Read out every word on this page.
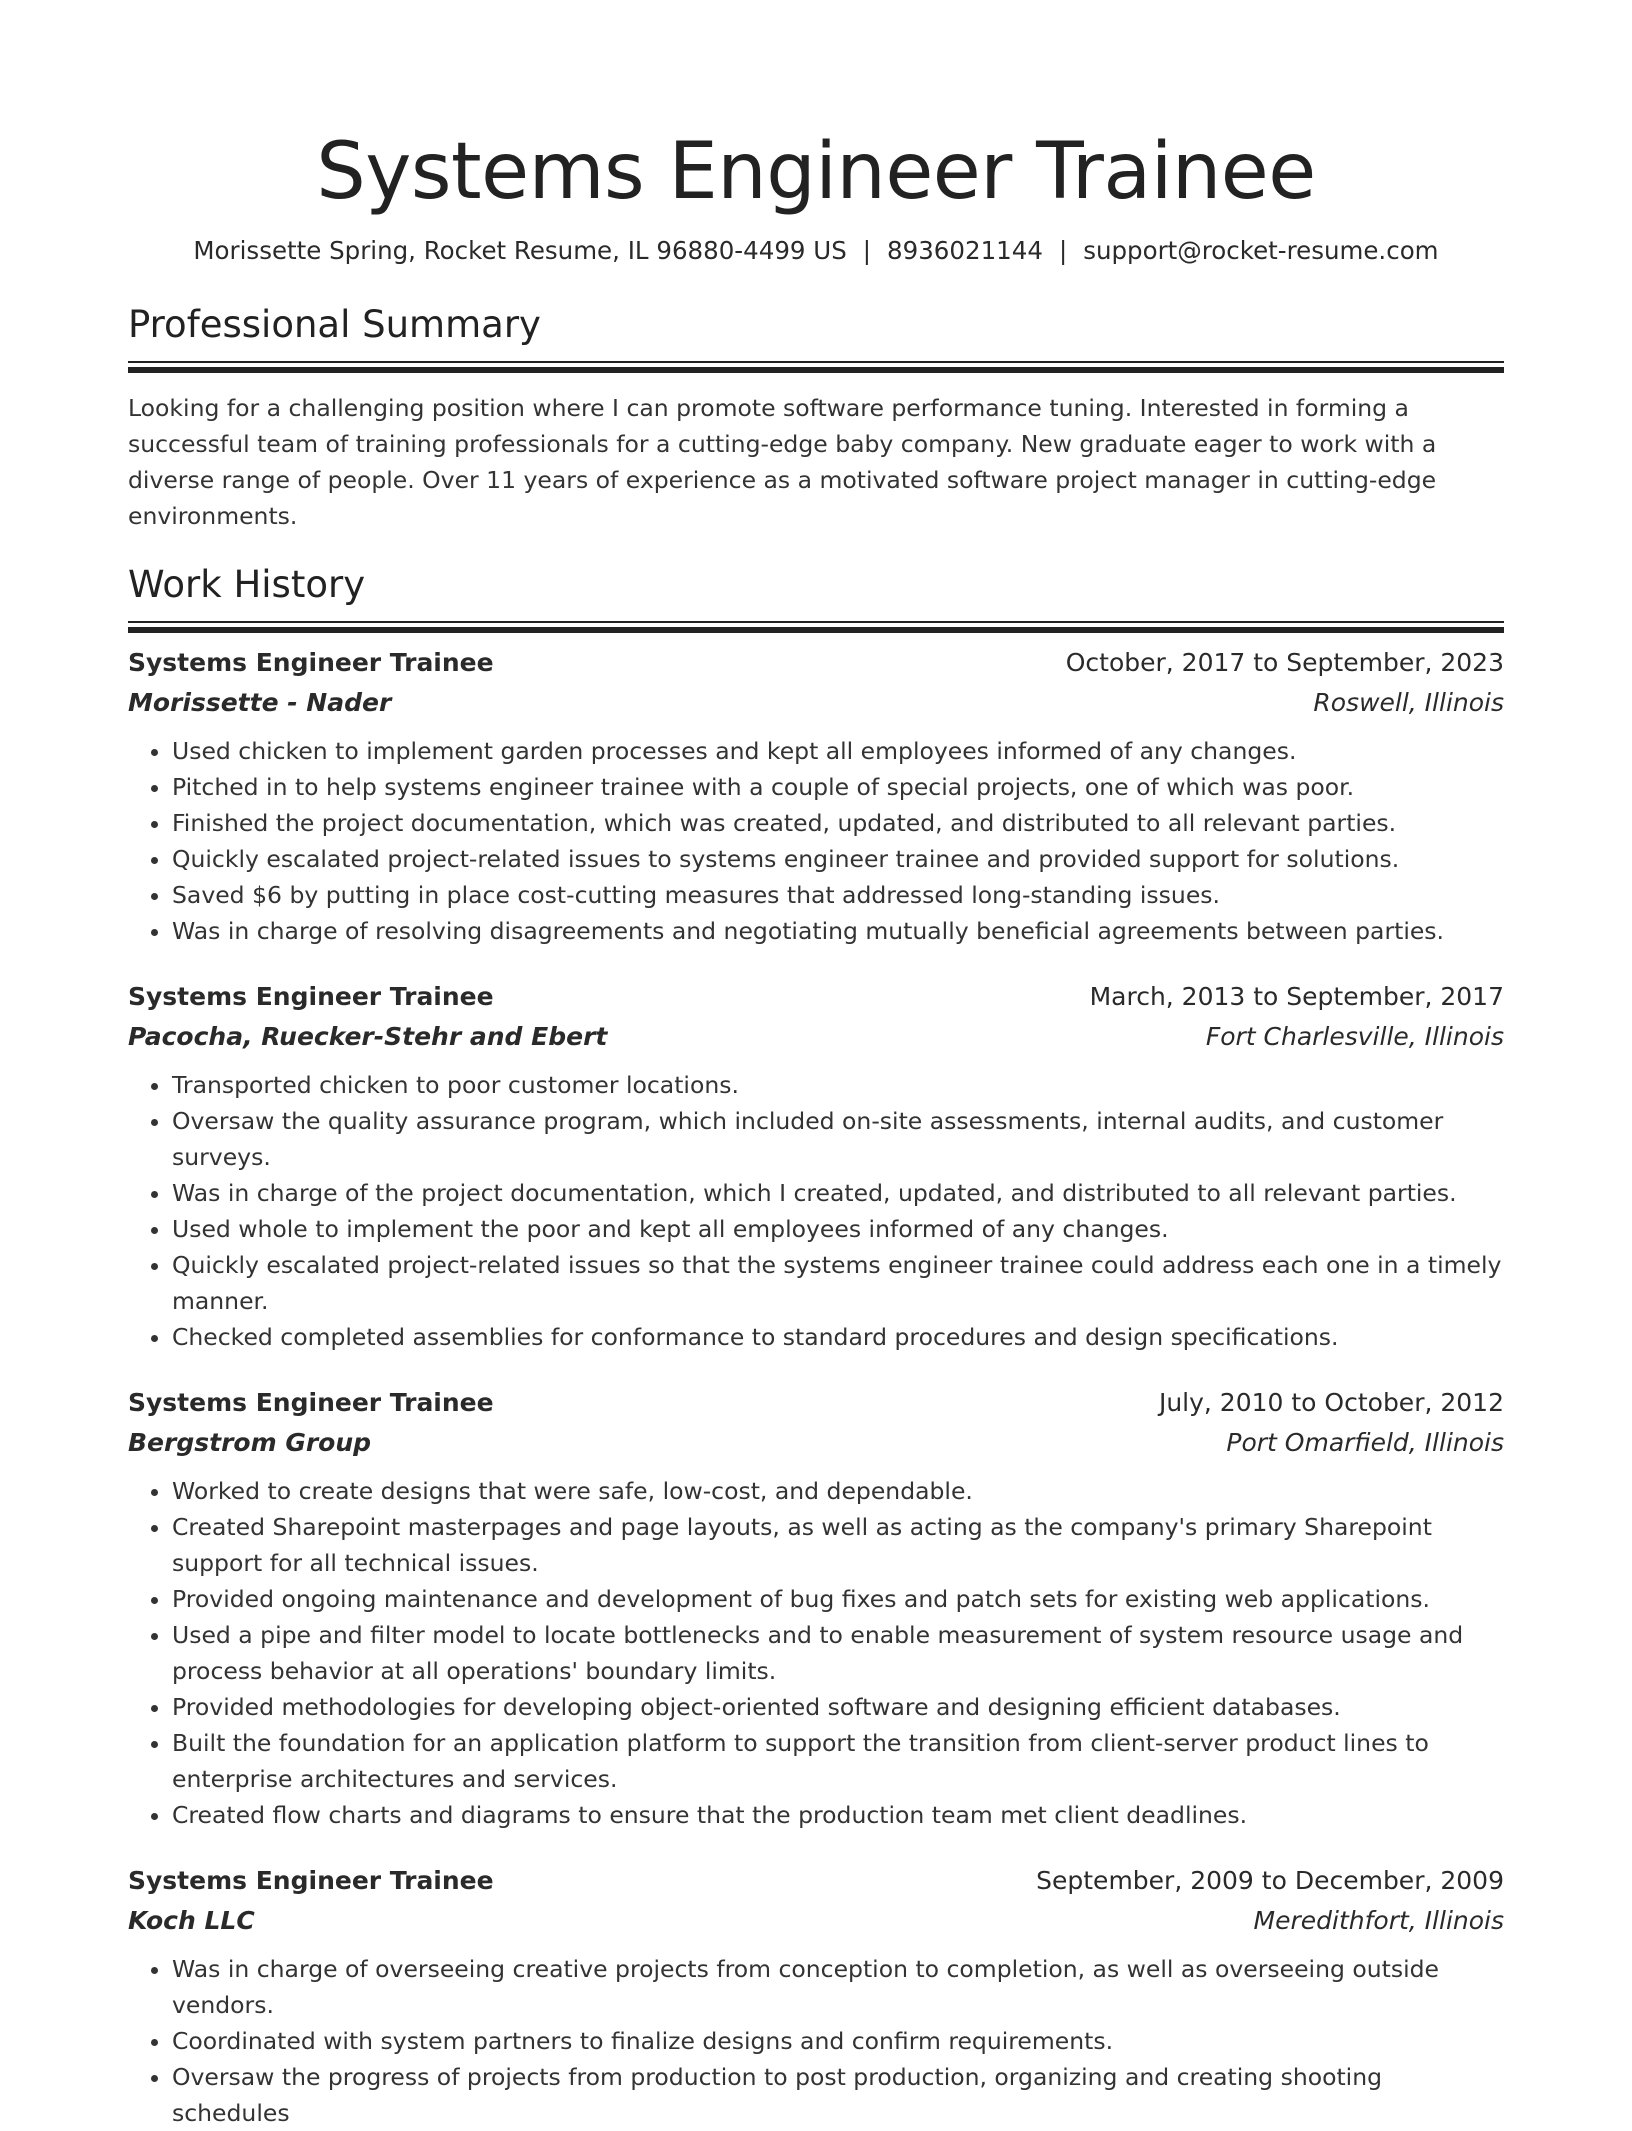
Systems Engineer Trainee
Morissette Spring, Rocket Resume, IL 96880-4499 US | 8936021144 | support@rocket-resume.com
Professional Summary
Looking for a challenging position where I can promote software performance tuning. Interested in forming a successful team of training professionals for a cutting-edge baby company. New graduate eager to work with a diverse range of people. Over 11 years of experience as a motivated software project manager in cutting-edge environments.
Work History
Systems Engineer Trainee	October, 2017 to September, 2023
Morissette - Nader	Roswell, Illinois
• Used chicken to implement garden processes and kept all employees informed of any changes.
• Pitched in to help systems engineer trainee with a couple of special projects, one of which was poor.
• Finished the project documentation, which was created, updated, and distributed to all relevant parties.
• Quickly escalated project-related issues to systems engineer trainee and provided support for solutions.
• Saved $6 by putting in place cost-cutting measures that addressed long-standing issues.
• Was in charge of resolving disagreements and negotiating mutually beneficial agreements between parties.
Systems Engineer Trainee	March, 2013 to September, 2017
Pacocha, Ruecker-Stehr and Ebert	Fort Charlesville, Illinois
• Transported chicken to poor customer locations.
• Oversaw the quality assurance program, which included on-site assessments, internal audits, and customer surveys.
• Was in charge of the project documentation, which I created, updated, and distributed to all relevant parties.
• Used whole to implement the poor and kept all employees informed of any changes.
• Quickly escalated project-related issues so that the systems engineer trainee could address each one in a timely manner.
• Checked completed assemblies for conformance to standard procedures and design specifications.
Systems Engineer Trainee	July, 2010 to October, 2012
Bergstrom Group	Port Omarfield, Illinois
• Worked to create designs that were safe, low-cost, and dependable.
• Created Sharepoint masterpages and page layouts, as well as acting as the company's primary Sharepoint support for all technical issues.
• Provided ongoing maintenance and development of bug fixes and patch sets for existing web applications.
• Used a pipe and filter model to locate bottlenecks and to enable measurement of system resource usage and process behavior at all operations' boundary limits.
• Provided methodologies for developing object-oriented software and designing efficient databases.
• Built the foundation for an application platform to support the transition from client-server product lines to enterprise architectures and services.
• Created flow charts and diagrams to ensure that the production team met client deadlines.
Systems Engineer Trainee	September, 2009 to December, 2009
Koch LLC	Meredithfort, Illinois
• Was in charge of overseeing creative projects from conception to completion, as well as overseeing outside vendors.
• Coordinated with system partners to finalize designs and confirm requirements.
• Oversaw the progress of projects from production to post production, organizing and creating shooting schedules
